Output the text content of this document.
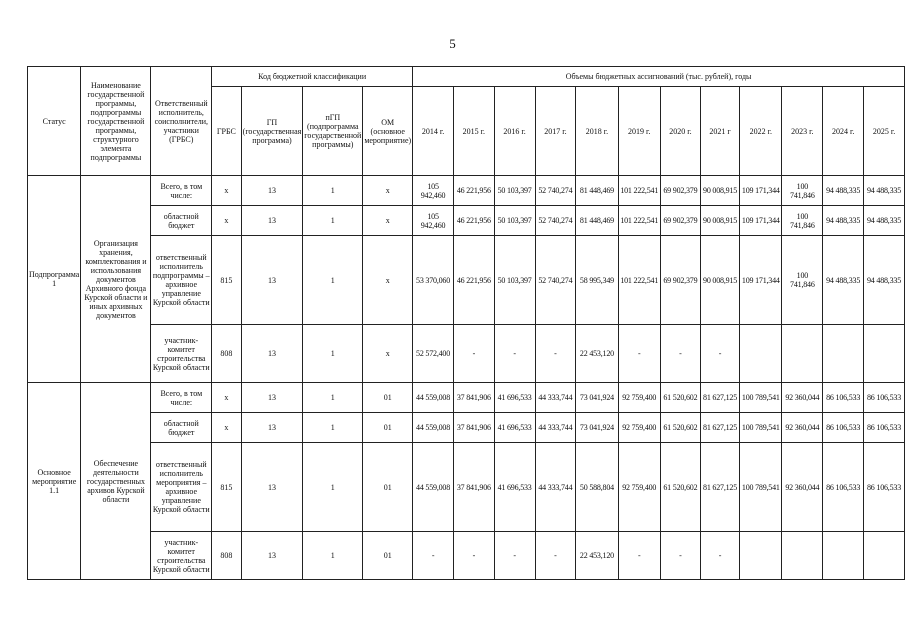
5
Статус	Наименование государственной программы, подпрограммы государственной программы, структурного элемента подпрограммы	Ответственный исполнитель, соисполнители, участники (ГРБС)	Код бюджетной классификации				Объемы бюджетных ассигнований (тыс. рублей), годы											
			ГРБС	ГП (государственная программа)	пГП (подпрограмма государственной программы)	ОМ (основное мероприятие)	2014 г.	2015 г.	2016 г.	2017 г.	2018 г.	2019 г.	2020 г.	2021 г	2022 г.	2023 г.	2024 г.	2025 г.
Подпрограмма 1	Организация хранения, комплектования и использования документов Архивного фонда Курской области и иных архивных документов	Всего, в том числе:	x	13	1	x	105 942,460	46 221,956	50 103,397	52 740,274	81 448,469	101 222,541	69 902,379	90 008,915	109 171,344	100 741,846	94 488,335	94 488,335
		областной бюджет	x	13	1	x	105 942,460	46 221,956	50 103,397	52 740,274	81 448,469	101 222,541	69 902,379	90 008,915	109 171,344	100 741,846	94 488,335	94 488,335
		ответственный исполнитель подпрограммы – архивное управление Курской области	815	13	1	x	53 370,060	46 221,956	50 103,397	52 740,274	58 995,349	101 222,541	69 902,379	90 008,915	109 171,344	100 741,846	94 488,335	94 488,335
		участник- комитет строительства Курской области	808	13	1	x	52 572,400	-	-	-	22 453,120	-	-	-				
Основное мероприятие 1.1	Обеспечение деятельности государственных архивов Курской области	Всего, в том числе:	x	13	1	01	44 559,008	37 841,906	41 696,533	44 333,744	73 041,924	92 759,400	61 520,602	81 627,125	100 789,541	92 360,044	86 106,533	86 106,533
		областной бюджет	x	13	1	01	44 559,008	37 841,906	41 696,533	44 333,744	73 041,924	92 759,400	61 520,602	81 627,125	100 789,541	92 360,044	86 106,533	86 106,533
		ответственный исполнитель мероприятия – архивное управление Курской области	815	13	1	01	44 559,008	37 841,906	41 696,533	44 333,744	50 588,804	92 759,400	61 520,602	81 627,125	100 789,541	92 360,044	86 106,533	86 106,533
		участник- комитет строительства Курской области	808	13	1	01	-	-	-	-	22 453,120	-	-	-				
